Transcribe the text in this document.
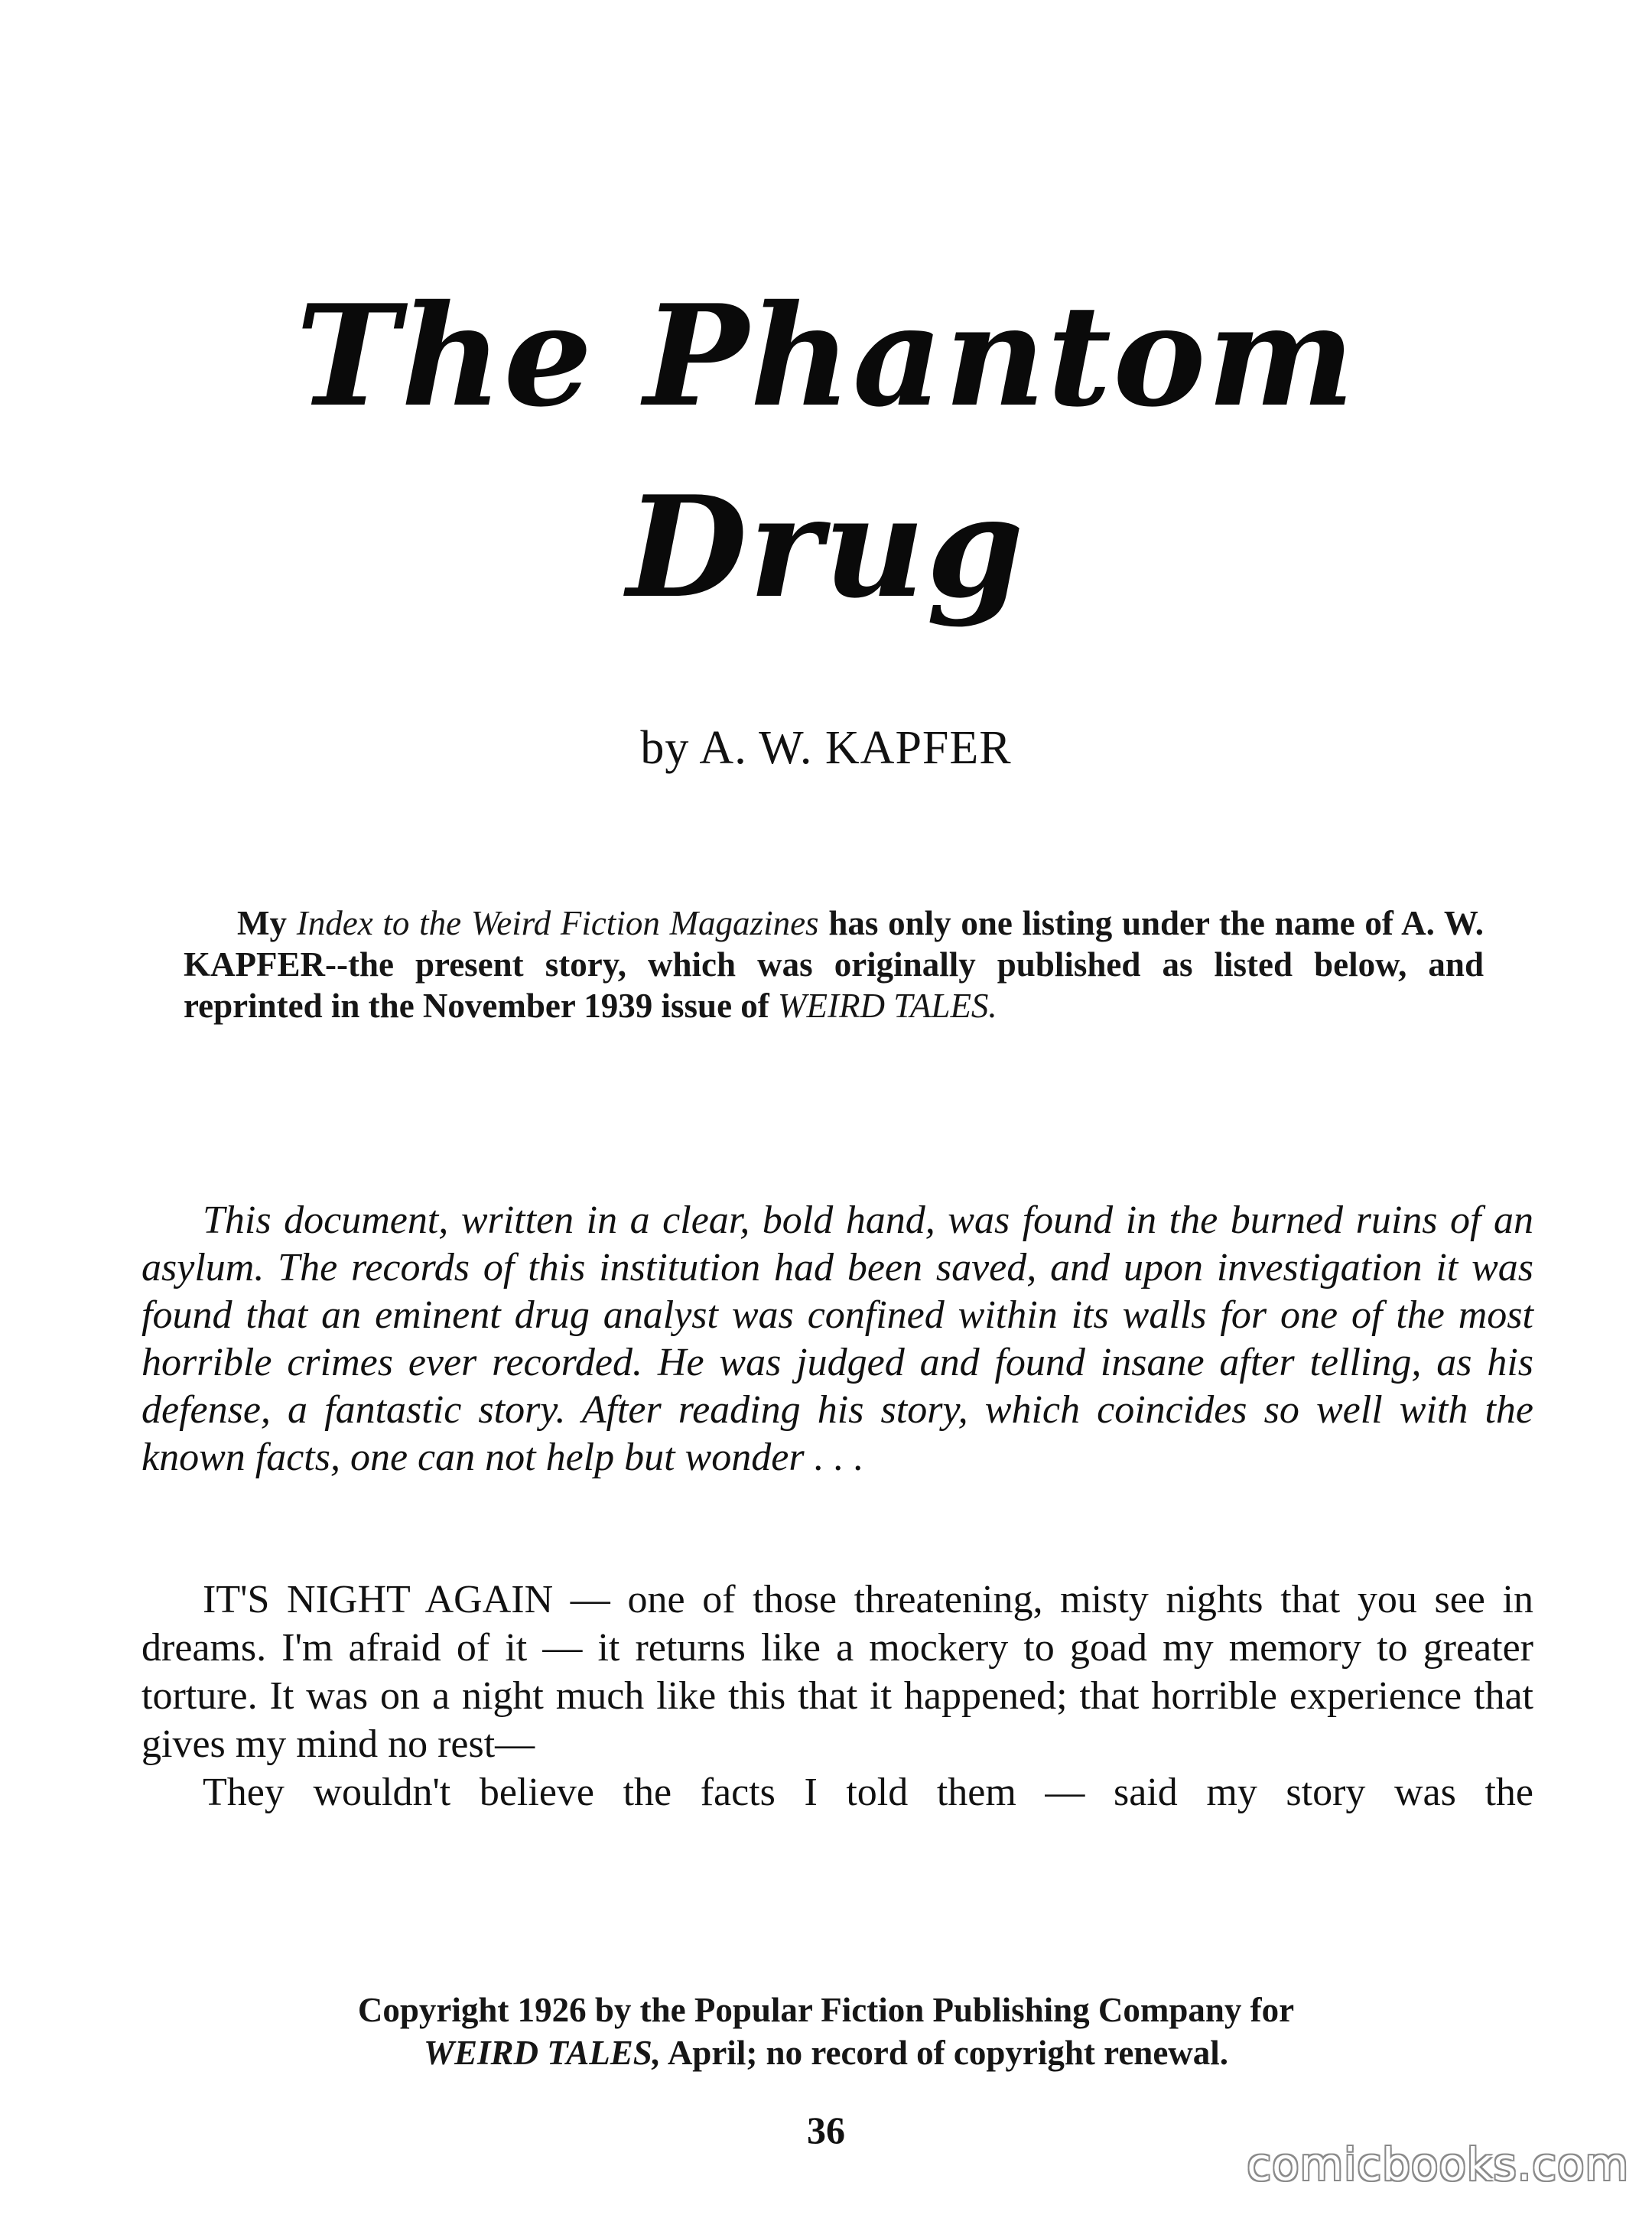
The Phantom
Drug
by A. W. KAPFER
My Index to the Weird Fiction Magazines has only one listing under the name of A. W. KAPFER--the present story, which was originally published as listed below, and reprinted in the November 1939 issue of WEIRD TALES.
This document, written in a clear, bold hand, was found in the burned ruins of an asylum. The records of this institution had been saved, and upon investigation it was found that an eminent drug analyst was confined within its walls for one of the most horrible crimes ever recorded. He was judged and found insane after telling, as his defense, a fantastic story. After reading his story, which coincides so well with the known facts, one can not help but wonder . . .
IT'S NIGHT AGAIN — one of those threatening, misty nights that you see in dreams. I'm afraid of it — it returns like a mockery to goad my memory to greater torture. It was on a night much like this that it happened; that horrible experience that gives my mind no rest—
They wouldn't believe the facts I told them — said my story was the
Copyright 1926 by the Popular Fiction Publishing Company for
WEIRD TALES, April; no record of copyright renewal.
36
comicbooks.com
